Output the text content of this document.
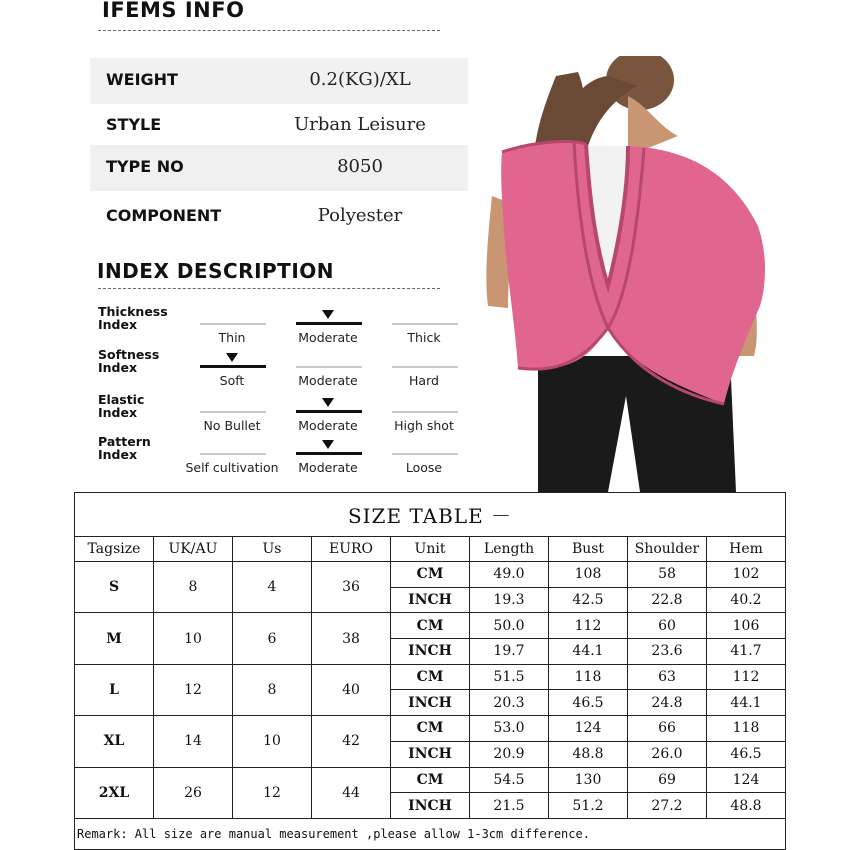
IFEMS INFO
WEIGHT	0.2(KG)/XL
STYLE	Urban Leisure
TYPE NO	8050
COMPONENT	Polyester
INDEX DESCRIPTION
Thickness
Index
Thin	Moderate	Thick
Softness
Index
Soft	Moderate	Hard
Elastic
Index
No Bullet	Moderate	High shot
Pattern
Index
Self cultivation	Moderate	Loose
SIZE TABLE －								
Tagsize	UK/AU	Us	EURO	Unit	Length	Bust	Shoulder	Hem
S	8	4	36	CM	49.0	108	58	102
				INCH	19.3	42.5	22.8	40.2
M	10	6	38	CM	50.0	112	60	106
				INCH	19.7	44.1	23.6	41.7
L	12	8	40	CM	51.5	118	63	112
				INCH	20.3	46.5	24.8	44.1
XL	14	10	42	CM	53.0	124	66	118
				INCH	20.9	48.8	26.0	46.5
2XL	26	12	44	CM	54.5	130	69	124
				INCH	21.5	51.2	27.2	48.8
Remark: All size are manual measurement ,please allow 1-3cm difference.								
